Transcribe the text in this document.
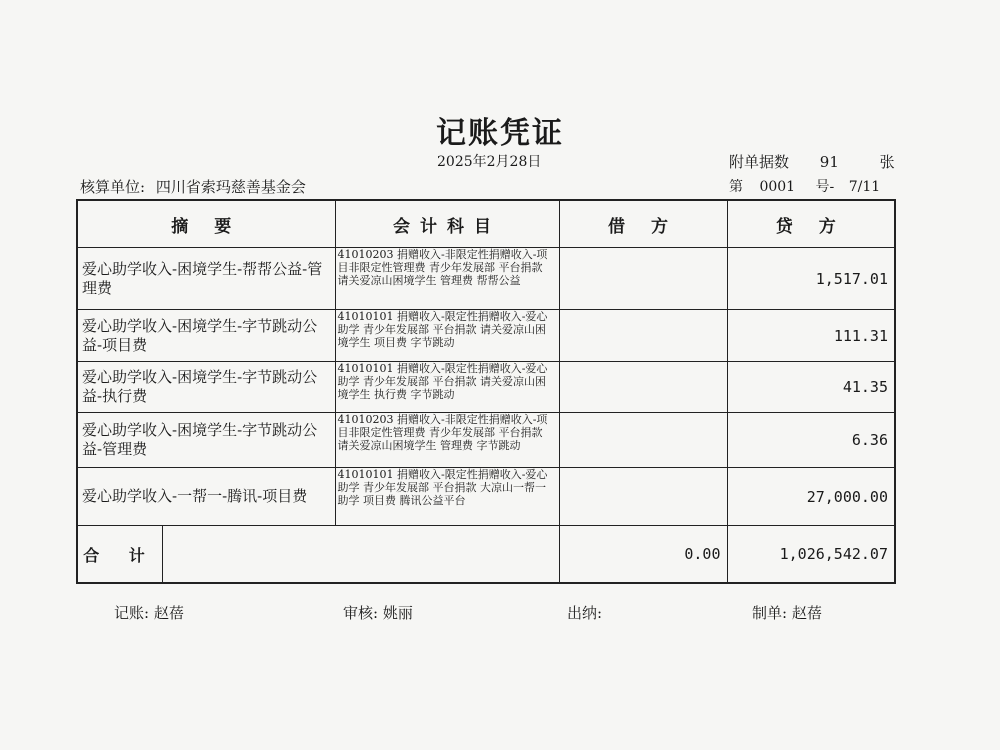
记账凭证
2025年2月28日	附单据数 91	张
核算单位: 四川省索玛慈善基金会	第 0001 号- 7/11
摘 要	会计科目	借 方	贷 方
爱心助学收入-困境学生-帮帮公益-管理费	41010203 捐赠收入-非限定性捐赠收入-项目非限定性管理费 青少年发展部 平台捐款 请关爱凉山困境学生 管理费 帮帮公益		1,517.01
爱心助学收入-困境学生-字节跳动公益-项目费	41010101 捐赠收入-限定性捐赠收入-爱心助学 青少年发展部 平台捐款 请关爱凉山困境学生 项目费 字节跳动		111.31
爱心助学收入-困境学生-字节跳动公益-执行费	41010101 捐赠收入-限定性捐赠收入-爱心助学 青少年发展部 平台捐款 请关爱凉山困境学生 执行费 字节跳动		41.35
爱心助学收入-困境学生-字节跳动公益-管理费	41010203 捐赠收入-非限定性捐赠收入-项目非限定性管理费 青少年发展部 平台捐款 请关爱凉山困境学生 管理费 字节跳动		6.36
爱心助学收入-一帮一-腾讯-项目费	41010101 捐赠收入-限定性捐赠收入-爱心助学 青少年发展部 平台捐款 大凉山一帮一助学 项目费 腾讯公益平台		27,000.00

合 计		0.00	1,026,542.07
记账: 赵蓓	审核: 姚丽	出纳:	制单: 赵蓓
